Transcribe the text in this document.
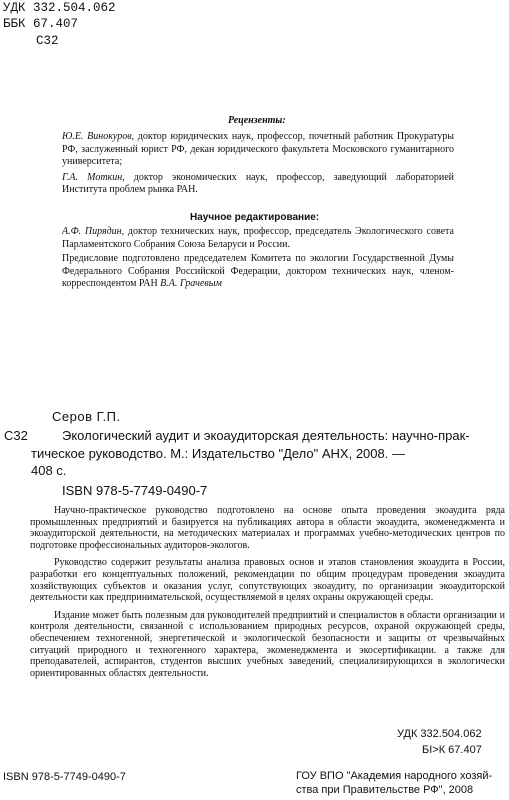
УДК 332.504.062
ББК 67.407
С32
Рецензенты:

Ю.Е. Винокуров, доктор юридических наук, профессор, почетный работник Прокуратуры РФ, заслуженный юрист РФ, декан юридического факультета Московского гуманитарного университета;

Г.А. Моткин, доктор экономических наук, профессор, заведующий лабораторией Института проблем рынка РАН.

Научное редактирование:

А.Ф. Пирядин, доктор технических наук, профессор, председатель Экологического совета Парламентского Собрания Союза Беларуси и России.

Предисловие подготовлено председателем Комитета по экологии Государственной Думы Федерального Собрания Российской Федерации, доктором технических наук, членом-корреспондентом РАН В.А. Грачевым

Серов Г.П.
С32	Экологический аудит и экоаудиторская деятельность: научно-прак-
тическое руководство. М.: Издательство "Дело" АНХ, 2008. —
408 с.
ISBN 978-5-7749-0490-7

Научно-практическое руководство подготовлено на основе опыта проведения экоаудита ряда промышленных предприятий и базируется на публикациях автора в области экоаудита, экоменеджмента и экоаудиторской деятельности, на методических материалах и программах учебно-методических центров по подготовке профессиональных аудиторов-экологов.

Руководство содержит результаты анализа правовых основ и этапов становления экоаудита в России, разработки его концептуальных положений, рекомендации по общим процедурам проведения экоаудита хозяйствующих субъектов и оказания услуг, сопутствующих экоаудиту, по организации экоаудиторской деятельности как предпринимательской, осуществляемой в целях охраны окружающей среды.

Издание может быть полезным для руководителей предприятий и специалистов в области организации и контроля деятельности, связанной с использованием природных ресурсов, охраной окружающей среды, обеспечением техногенной, энергетической и экологической безопасности и защиты от чрезвычайных ситуаций природного и техногенного характера, экоменеджмента и экосертификации. а также для преподавателей, аспирантов, студентов высших учебных заведений, специализирующихся в экологически ориентированных областях деятельности.

УДК 332.504.062
БI>К 67.407
ISBN 978-5-7749-0490-7	ГОУ ВПО "Академия народного хозяй-
ства при Правительстве РФ", 2008
